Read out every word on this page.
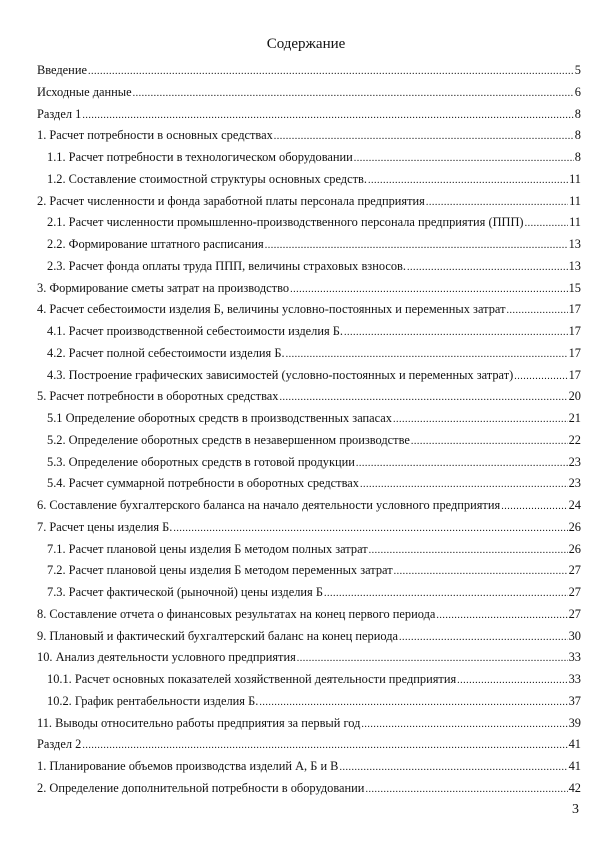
Содержание
Введение .....	5
Исходные данные .....	6
Раздел 1 .....	8
1. Расчет потребности в основных средствах .....	8
1.1. Расчет потребности в технологическом оборудовании .....	8
1.2. Составление стоимостной структуры основных средств. .....	11
2. Расчет численности и фонда заработной платы персонала предприятия .....	11
2.1. Расчет численности промышленно-производственного персонала предприятия (ППП) .....	11
2.2. Формирование штатного расписания .....	13
2.3. Расчет фонда оплаты труда ППП, величины страховых взносов. .....	13
3. Формирование сметы затрат на производство .....	15
4. Расчет себестоимости изделия Б, величины условно-постоянных и переменных затрат .....	17
4.1. Расчет производственной себестоимости изделия Б. .....	17
4.2. Расчет полной себестоимости изделия Б. .....	17
4.3. Построение графических зависимостей (условно-постоянных и переменных затрат) .....	17
5. Расчет потребности в оборотных средствах .....	20
5.1 Определение оборотных средств в производственных запасах .....	21
5.2. Определение оборотных средств в незавершенном производстве .....	22
5.3. Определение оборотных средств в готовой продукции .....	23
5.4. Расчет суммарной потребности в оборотных средствах .....	23
6. Составление бухгалтерского баланса на начало деятельности условного предприятия .....	24
7. Расчет цены изделия Б. .....	26
7.1. Расчет плановой цены изделия Б методом полных затрат .....	26
7.2. Расчет плановой цены изделия Б методом переменных затрат .....	27
7.3. Расчет фактической (рыночной) цены изделия Б .....	27
8. Составление отчета о финансовых результатах на конец первого периода .....	27
9. Плановый и фактический бухгалтерский баланс на конец периода .....	30
10. Анализ деятельности условного предприятия .....	33
10.1. Расчет основных показателей хозяйственной деятельности предприятия .....	33
10.2. График рентабельности изделия Б. .....	37
11. Выводы относительно работы предприятия за первый год .....	39
Раздел 2 .....	41
1. Планирование объемов производства изделий А, Б и В .....	41
2. Определение дополнительной потребности в оборудовании .....	42
3
